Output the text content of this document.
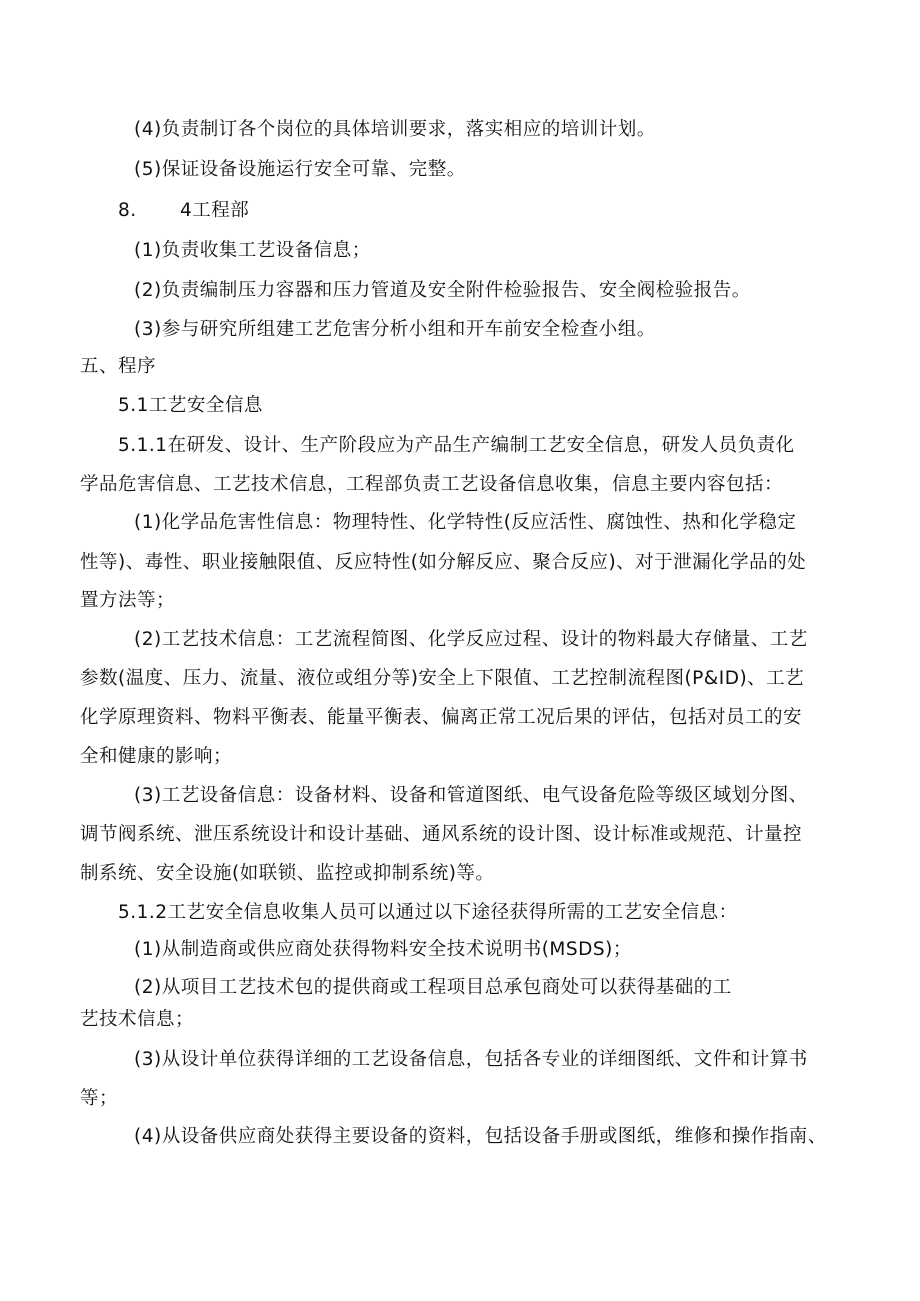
(4)负责制订各个岗位的具体培训要求，落实相应的培训计划。
(5)保证设备设施运行安全可靠、完整。
8. 4工程部
(1)负责收集工艺设备信息；
(2)负责编制压力容器和压力管道及安全附件检验报告、安全阀检验报告。
(3)参与研究所组建工艺危害分析小组和开车前安全检查小组。
五、程序
5.1工艺安全信息
5.1.1在研发、设计、生产阶段应为产品生产编制工艺安全信息，研发人员负责化
学品危害信息、工艺技术信息，工程部负责工艺设备信息收集，信息主要内容包括：
(1)化学品危害性信息：物理特性、化学特性(反应活性、腐蚀性、热和化学稳定
性等)、毒性、职业接触限值、反应特性(如分解反应、聚合反应)、对于泄漏化学品的处
置方法等；
(2)工艺技术信息：工艺流程简图、化学反应过程、设计的物料最大存储量、工艺
参数(温度、压力、流量、液位或组分等)安全上下限值、工艺控制流程图(P&ID)、工艺
化学原理资料、物料平衡表、能量平衡表、偏离正常工况后果的评估，包括对员工的安
全和健康的影响；
(3)工艺设备信息：设备材料、设备和管道图纸、电气设备危险等级区域划分图、
调节阀系统、泄压系统设计和设计基础、通风系统的设计图、设计标准或规范、计量控
制系统、安全设施(如联锁、监控或抑制系统)等。
5.1.2工艺安全信息收集人员可以通过以下途径获得所需的工艺安全信息：
(1)从制造商或供应商处获得物料安全技术说明书(MSDS)；
(2)从项目工艺技术包的提供商或工程项目总承包商处可以获得基础的工
艺技术信息；
(3)从设计单位获得详细的工艺设备信息，包括各专业的详细图纸、文件和计算书
等；
(4)从设备供应商处获得主要设备的资料，包括设备手册或图纸，维修和操作指南、
